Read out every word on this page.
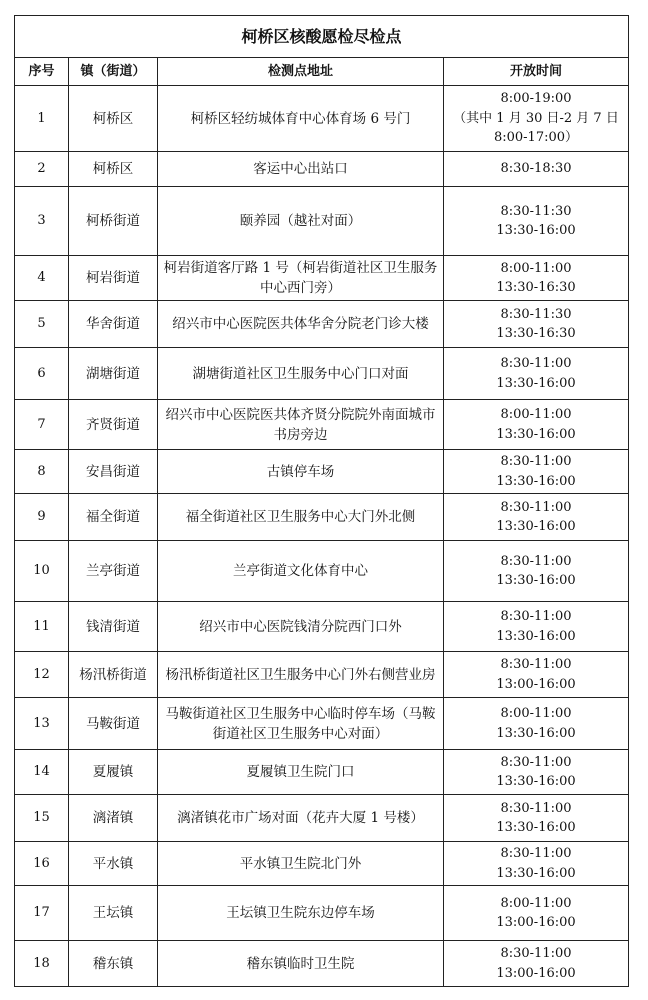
柯桥区核酸愿检尽检点			
序号	镇（街道）	检测点地址	开放时间
1	柯桥区	柯桥区轻纺城体育中心体育场 6 号门	8:00-19:00
（其中 1 月 30 日-2 月 7 日
8:00-17:00）
2	柯桥区	客运中心出站口	8:30-18:30
3	柯桥街道	颐养园（越社对面）	8:30-11:30
13:30-16:00
4	柯岩街道	柯岩街道客厅路 1 号（柯岩街道社区卫生服务中心西门旁）	8:00-11:00
13:30-16:30
5	华舍街道	绍兴市中心医院医共体华舍分院老门诊大楼	8:30-11:30
13:30-16:30
6	湖塘街道	湖塘街道社区卫生服务中心门口对面	8:30-11:00
13:30-16:00
7	齐贤街道	绍兴市中心医院医共体齐贤分院院外南面城市书房旁边	8:00-11:00
13:30-16:00
8	安昌街道	古镇停车场	8:30-11:00
13:30-16:00
9	福全街道	福全街道社区卫生服务中心大门外北侧	8:30-11:00
13:30-16:00
10	兰亭街道	兰亭街道文化体育中心	8:30-11:00
13:30-16:00
11	钱清街道	绍兴市中心医院钱清分院西门口外	8:30-11:00
13:30-16:00
12	杨汛桥街道	杨汛桥街道社区卫生服务中心门外右侧营业房	8:30-11:00
13:00-16:00
13	马鞍街道	马鞍街道社区卫生服务中心临时停车场（马鞍街道社区卫生服务中心对面）	8:00-11:00
13:30-16:00
14	夏履镇	夏履镇卫生院门口	8:30-11:00
13:30-16:00
15	漓渚镇	漓渚镇花市广场对面（花卉大厦 1 号楼）	8:30-11:00
13:30-16:00
16	平水镇	平水镇卫生院北门外	8:30-11:00
13:30-16:00
17	王坛镇	王坛镇卫生院东边停车场	8:00-11:00
13:00-16:00
18	稽东镇	稽东镇临时卫生院	8:30-11:00
13:00-16:00
